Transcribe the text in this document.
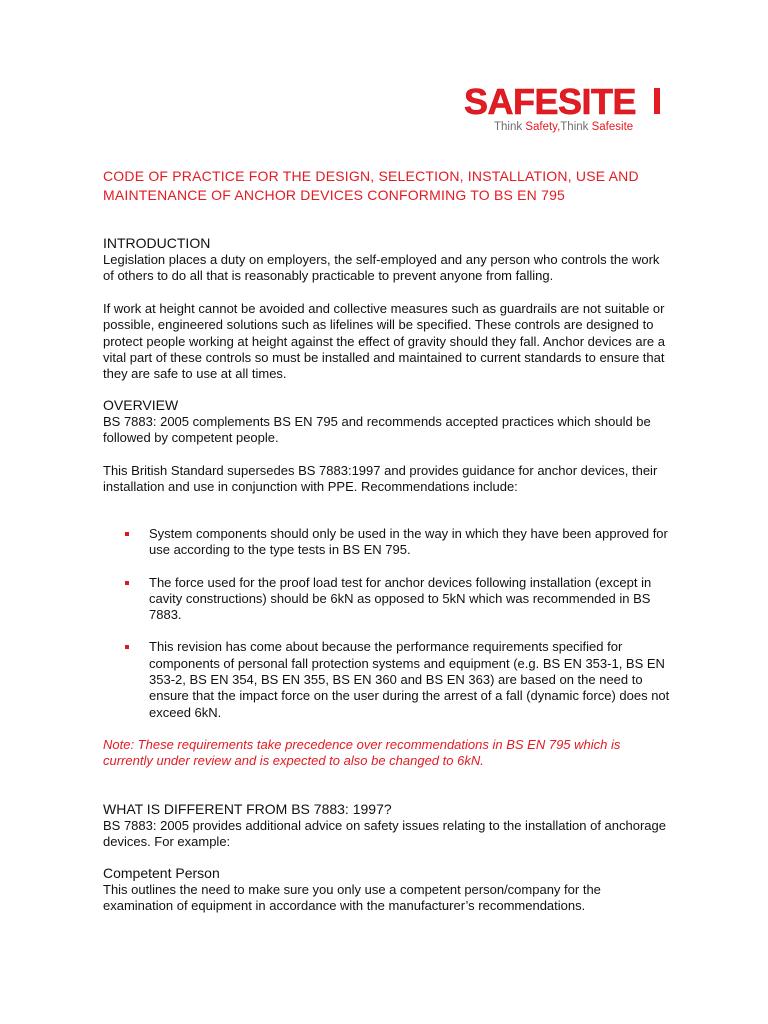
SAFESITE
Think Safety,Think Safesite
CODE OF PRACTICE FOR THE DESIGN, SELECTION, INSTALLATION, USE AND MAINTENANCE OF ANCHOR DEVICES CONFORMING TO BS EN 795
INTRODUCTION

Legislation places a duty on employers, the self-employed and any person who controls the work of others to do all that is reasonably practicable to prevent anyone from falling.

If work at height cannot be avoided and collective measures such as guardrails are not suitable or possible, engineered solutions such as lifelines will be specified. These controls are designed to protect people working at height against the effect of gravity should they fall. Anchor devices are a vital part of these controls so must be installed and maintained to current standards to ensure that they are safe to use at all times.

OVERVIEW

BS 7883: 2005 complements BS EN 795 and recommends accepted practices which should be followed by competent people.

This British Standard supersedes BS 7883:1997 and provides guidance for anchor devices, their installation and use in conjunction with PPE. Recommendations include:

System components should only be used in the way in which they have been approved for use according to the type tests in BS EN 795.
The force used for the proof load test for anchor devices following installation (except in cavity constructions) should be 6kN as opposed to 5kN which was recommended in BS 7883.
This revision has come about because the performance requirements specified for components of personal fall protection systems and equipment (e.g. BS EN 353-1, BS EN 353-2, BS EN 354, BS EN 355, BS EN 360 and BS EN 363) are based on the need to ensure that the impact force on the user during the arrest of a fall (dynamic force) does not exceed 6kN.

Note: These requirements take precedence over recommendations in BS EN 795 which is currently under review and is expected to also be changed to 6kN.

WHAT IS DIFFERENT FROM BS 7883: 1997?

BS 7883: 2005 provides additional advice on safety issues relating to the installation of anchorage devices. For example:

Competent Person

This outlines the need to make sure you only use a competent person/company for the examination of equipment in accordance with the manufacturer’s recommendations.
